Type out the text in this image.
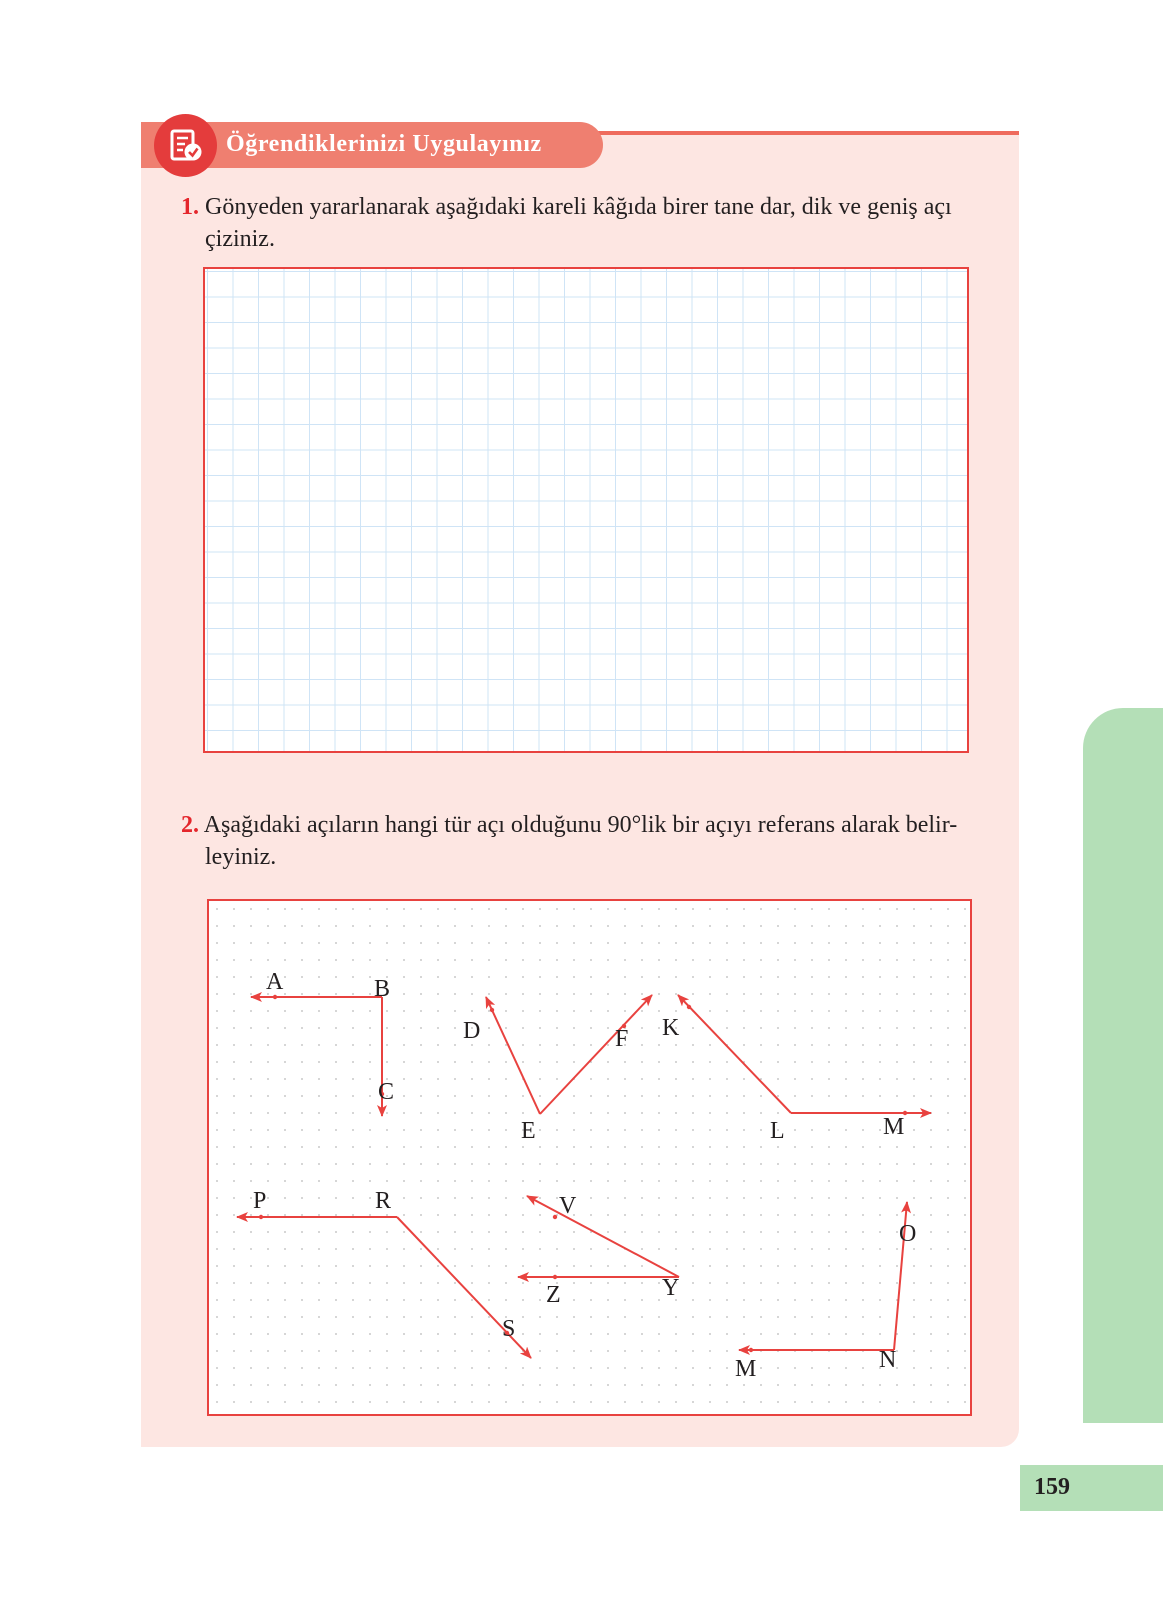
Öğrendiklerinizi Uygulayınız
1. Gönyeden yararlanarak aşağıdaki kareli kâğıda birer tane dar, dik ve geniş açı
çiziniz.
2. Aşağıdaki açıların hangi tür açı olduğunu 90°lik bir açıyı referans alarak belir-
leyiniz.
A	B
C
D
E
F K
L	M
P	R
S
V
Y
Z
O
N
M
159
